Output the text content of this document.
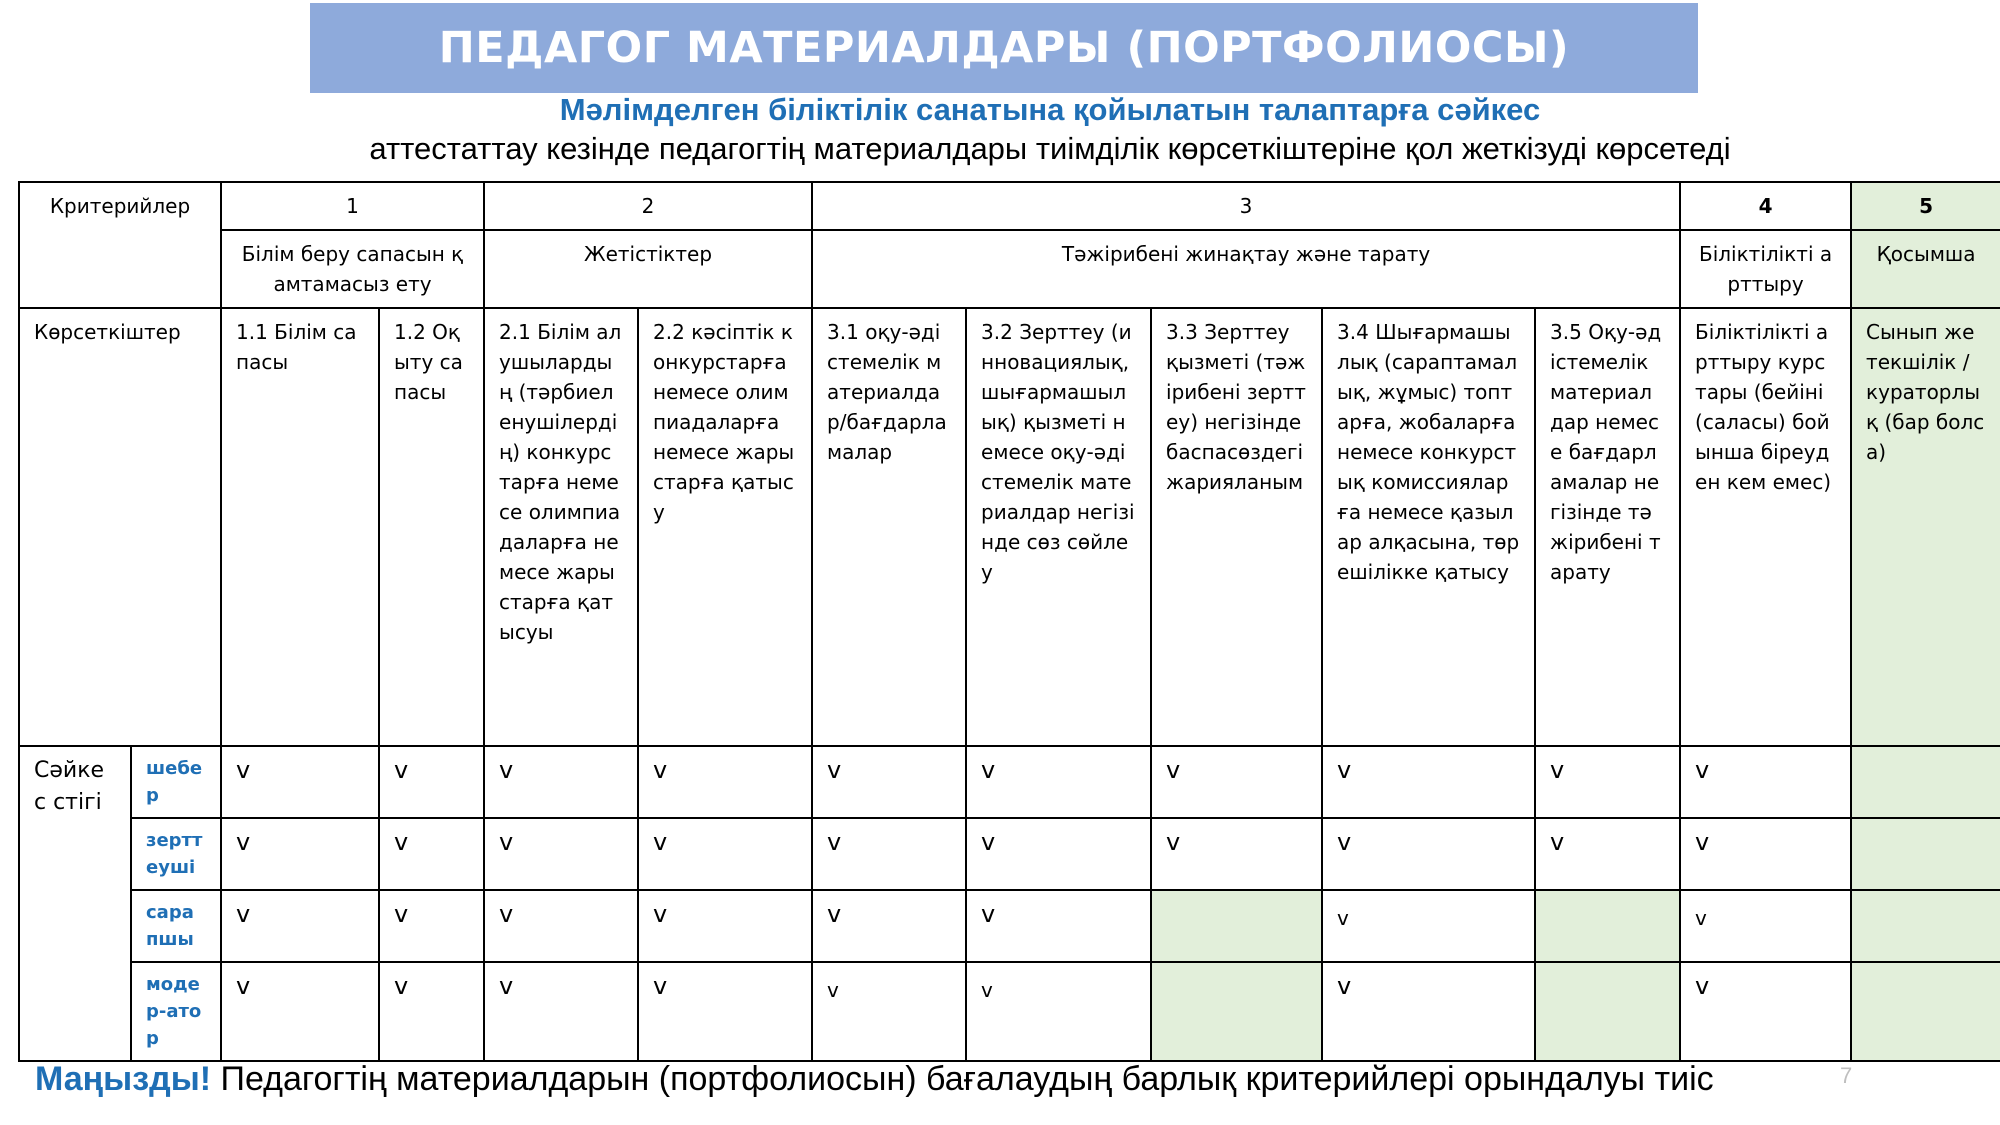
ПЕДАГОГ МАТЕРИАЛДАРЫ (ПОРТФОЛИОСЫ)
Мәлімделген біліктілік санатына қойылатын талаптарға сәйкес
аттестаттау кезінде педагогтің материалдары тиімділік көрсеткіштеріне қол жеткізуді көрсетеді
Критерийлер		1		2		3					4	5
		Білім беру сапасын қамтамасыз ету		Жетістіктер		Тәжірибені жинақтау және тарату					Біліктілікті арттыру	Қосымша
Көрсеткіштер		1.1 Білім сапасы	1.2 Оқыту сапасы	2.1 Білім алушылардың (тәрбиеленушілердің) конкурстарға немесе олимпиадаларға немесе жарыстарға қатысуы	2.2 кәсіптік конкурстарға немесе олимпиадаларға немесе жарыстарға қатысу	3.1 оқу-әдістемелік материалдар/бағдарламалар	3.2 Зерттеу (инновациялық, шығармашылық) қызметі немесе оқу-әдістемелік материалдар негізінде сөз сөйлеу	3.3 Зерттеу қызметі (тәжірибені зерттеу) негізінде баспасөздегі жарияланым	3.4 Шығармашылық (сараптамалық, жұмыс) топтарға, жобаларға немесе конкурстық комиссияларға немесе қазылар алқасына, төрешілікке қатысу	3.5 Оқу-әдістемелік материалдар немесе бағдарламалар негізінде тәжірибені тарату	Біліктілікті арттыру курстары (бейіні (саласы) бойынша біреуден кем емес)	Сынып жетекшілік / кураторлық (бар болса)
Сәйкес стігі	шебер	v	v	v	v	v	v	v	v	v	v	
	зерттеуші	v	v	v	v	v	v	v	v	v	v	
	сарапшы	v	v	v	v	v	v		v		v	
	модер-атор	v	v	v	v	v	v		v		v	
Маңызды! Педагогтің материалдарын (портфолиосын) бағалаудың барлық критерийлері орындалуы тиіс	7
